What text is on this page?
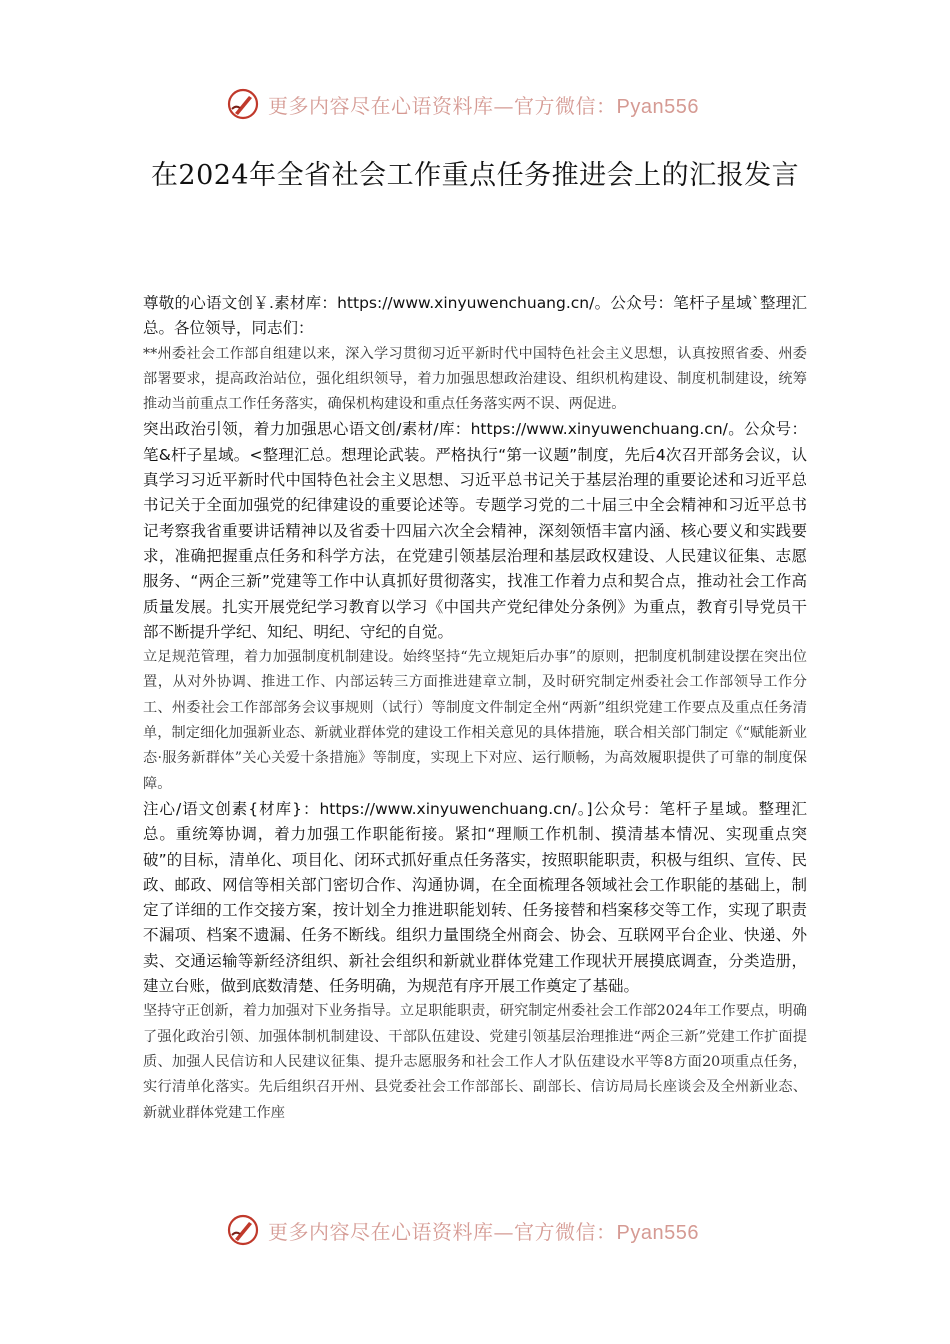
更多内容尽在心语资料库—官方微信：Pyan556
在2024年全省社会工作重点任务推进会上的汇报发言

尊敬的心语文创￥.素材库：https://www.xinyuwenchuang.cn/。公众号：笔杆子星域`整理汇总。各位领导，同志们：

**州委社会工作部自组建以来，深入学习贯彻习近平新时代中国特色社会主义思想，认真按照省委、州委部署要求，提高政治站位，强化组织领导，着力加强思想政治建设、组织机构建设、制度机制建设，统筹推动当前重点工作任务落实，确保机构建设和重点任务落实两不误、两促进。

突出政治引领，着力加强思心语文创/素材/库：https://www.xinyuwenchuang.cn/。公众号：笔&杆子星域。<整理汇总。想理论武装。严格执行“第一议题”制度，先后4次召开部务会议，认真学习习近平新时代中国特色社会主义思想、习近平总书记关于基层治理的重要论述和习近平总书记关于全面加强党的纪律建设的重要论述等。专题学习党的二十届三中全会精神和习近平总书记考察我省重要讲话精神以及省委十四届六次全会精神，深刻领悟丰富内涵、核心要义和实践要求，准确把握重点任务和科学方法，在党建引领基层治理和基层政权建设、人民建议征集、志愿服务、“两企三新”党建等工作中认真抓好贯彻落实，找准工作着力点和契合点，推动社会工作高质量发展。扎实开展党纪学习教育以学习《中国共产党纪律处分条例》为重点，教育引导党员干部不断提升学纪、知纪、明纪、守纪的自觉。

立足规范管理，着力加强制度机制建设。始终坚持“先立规矩后办事”的原则，把制度机制建设摆在突出位置，从对外协调、推进工作、内部运转三方面推进建章立制，及时研究制定州委社会工作部领导工作分工、州委社会工作部部务会议事规则（试行）等制度文件制定全州“两新”组织党建工作要点及重点任务清单，制定细化加强新业态、新就业群体党的建设工作相关意见的具体措施，联合相关部门制定《“赋能新业态·服务新群体”关心关爱十条措施》等制度，实现上下对应、运行顺畅，为高效履职提供了可靠的制度保障。

注心/语文创素{材库}：https://www.xinyuwenchuang.cn/。]公众号：笔杆子星域。整理汇总。重统筹协调，着力加强工作职能衔接。紧扣“理顺工作机制、摸清基本情况、实现重点突破”的目标，清单化、项目化、闭环式抓好重点任务落实，按照职能职责，积极与组织、宣传、民政、邮政、网信等相关部门密切合作、沟通协调，在全面梳理各领域社会工作职能的基础上，制定了详细的工作交接方案，按计划全力推进职能划转、任务接替和档案移交等工作，实现了职责不漏项、档案不遗漏、任务不断线。组织力量围绕全州商会、协会、互联网平台企业、快递、外卖、交通运输等新经济组织、新社会组织和新就业群体党建工作现状开展摸底调查，分类造册，建立台账，做到底数清楚、任务明确，为规范有序开展工作奠定了基础。

坚持守正创新，着力加强对下业务指导。立足职能职责，研究制定州委社会工作部2024年工作要点，明确了强化政治引领、加强体制机制建设、干部队伍建设、党建引领基层治理推进“两企三新”党建工作扩面提质、加强人民信访和人民建议征集、提升志愿服务和社会工作人才队伍建设水平等8方面20项重点任务，实行清单化落实。先后组织召开州、县党委社会工作部部长、副部长、信访局局长座谈会及全州新业态、新就业群体党建工作座

更多内容尽在心语资料库—官方微信：Pyan556
